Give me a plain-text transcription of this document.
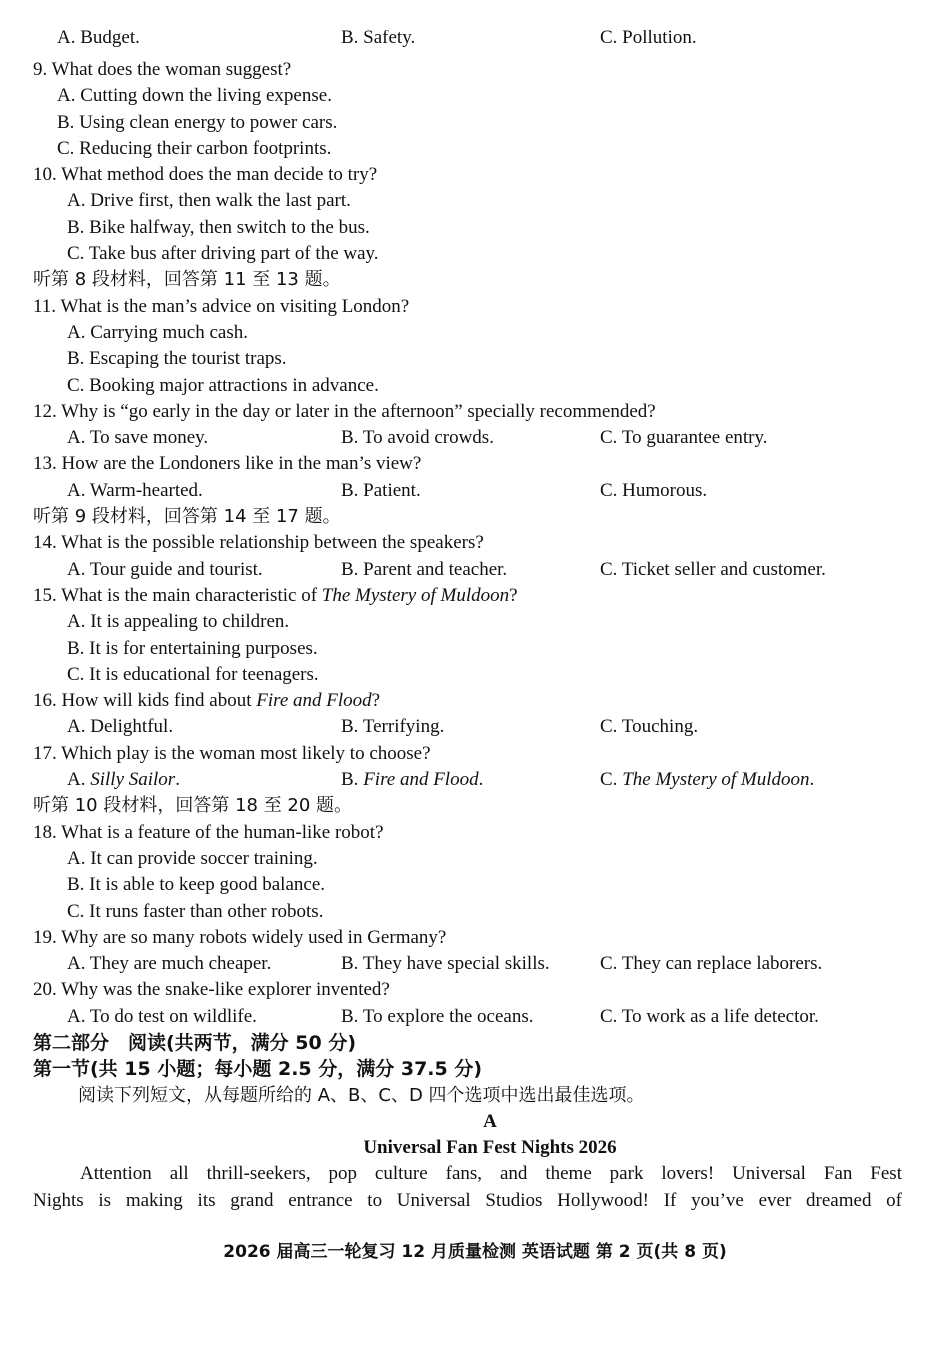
A. Budget.	B. Safety.	C. Pollution.
9. What does the woman suggest?
A. Cutting down the living expense.
B. Using clean energy to power cars.
C. Reducing their carbon footprints.
10. What method does the man decide to try?
A. Drive first, then walk the last part.
B. Bike halfway, then switch to the bus.
C. Take bus after driving part of the way.
听第 8 段材料，回答第 11 至 13 题。
11. What is the man’s advice on visiting London?
A. Carrying much cash.
B. Escaping the tourist traps.
C. Booking major attractions in advance.
12. Why is “go early in the day or later in the afternoon” specially recommended?
A. To save money.	B. To avoid crowds.	C. To guarantee entry.
13. How are the Londoners like in the man’s view?
A. Warm-hearted.	B. Patient.	C. Humorous.
听第 9 段材料，回答第 14 至 17 题。
14. What is the possible relationship between the speakers?
A. Tour guide and tourist.	B. Parent and teacher.	C. Ticket seller and customer.
15. What is the main characteristic of The Mystery of Muldoon?
A. It is appealing to children.
B. It is for entertaining purposes.
C. It is educational for teenagers.
16. How will kids find about Fire and Flood?
A. Delightful.	B. Terrifying.	C. Touching.
17. Which play is the woman most likely to choose?
A. Silly Sailor.	B. Fire and Flood.	C. The Mystery of Muldoon.
听第 10 段材料，回答第 18 至 20 题。
18. What is a feature of the human-like robot?
A. It can provide soccer training.
B. It is able to keep good balance.
C. It runs faster than other robots.
19. Why are so many robots widely used in Germany?
A. They are much cheaper.	B. They have special skills.	C. They can replace laborers.
20. Why was the snake-like explorer invented?
A. To do test on wildlife.	B. To explore the oceans.	C. To work as a life detector.
第二部分　阅读(共两节，满分 50 分)
第一节(共 15 小题；每小题 2.5 分，满分 37.5 分)
阅读下列短文，从每题所给的 A、B、C、D 四个选项中选出最佳选项。
A
Universal Fan Fest Nights 2026
Attention all thrill-seekers, pop culture fans, and theme park lovers! Universal Fan Fest
Nights is making its grand entrance to Universal Studios Hollywood! If you’ve ever dreamed of
2026 届高三一轮复习 12 月质量检测 英语试题 第 2 页(共 8 页)
